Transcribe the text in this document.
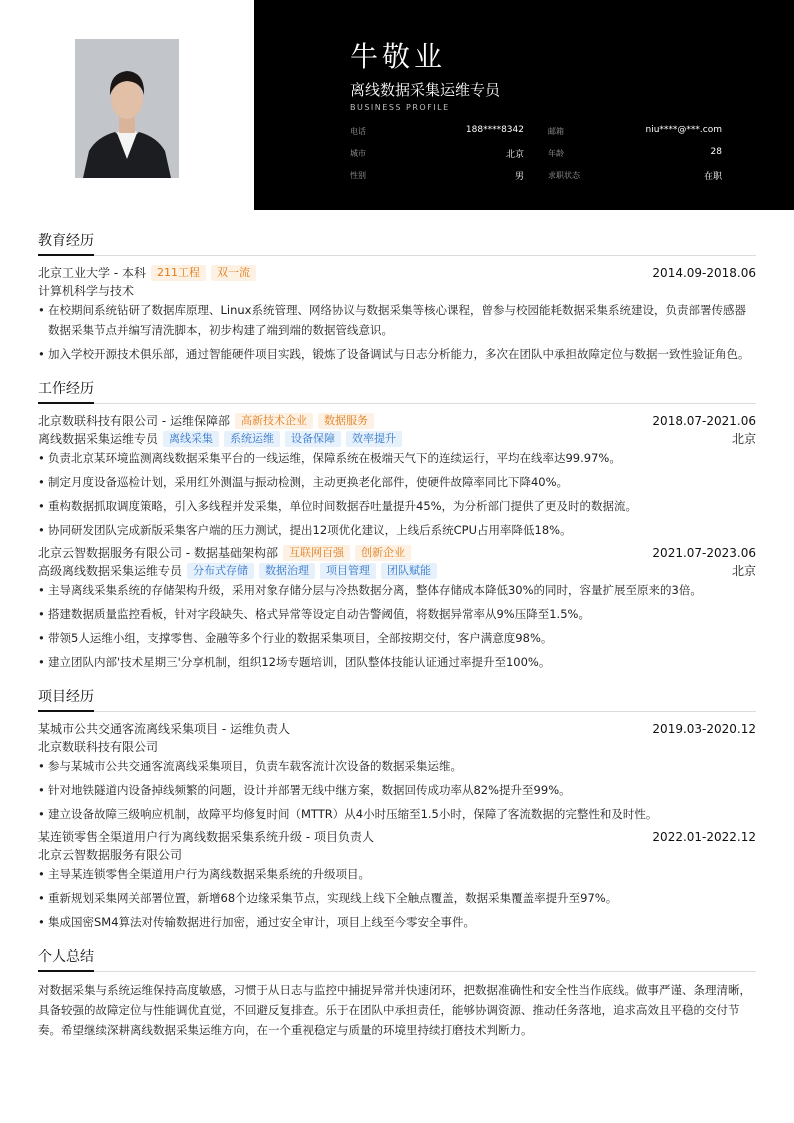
牛敬业
离线数据采集运维专员
BUSINESS PROFILE
电话	188****8342	邮箱	niu****@***.com
城市	北京	年龄	28
性别	男	求职状态	在职
教育经历
北京工业大学 - 本科	211工程	双一流	2014.09-2018.06
计算机科学与技术
• 在校期间系统钻研了数据库原理、Linux系统管理、网络协议与数据采集等核心课程，曾参与校园能耗数据采集系统建设，负责部署传感器数据采集节点并编写清洗脚本，初步构建了端到端的数据管线意识。
• 加入学校开源技术俱乐部，通过智能硬件项目实践，锻炼了设备调试与日志分析能力，多次在团队中承担故障定位与数据一致性验证角色。
工作经历
北京数联科技有限公司 - 运维保障部	高新技术企业	数据服务	2018.07-2021.06
离线数据采集运维专员	离线采集	系统运维	设备保障	效率提升	北京
• 负责北京某环境监测离线数据采集平台的一线运维，保障系统在极端天气下的连续运行，平均在线率达99.97%。
• 制定月度设备巡检计划，采用红外测温与振动检测，主动更换老化部件，使硬件故障率同比下降40%。
• 重构数据抓取调度策略，引入多线程并发采集，单位时间数据吞吐量提升45%，为分析部门提供了更及时的数据流。
• 协同研发团队完成新版采集客户端的压力测试，提出12项优化建议，上线后系统CPU占用率降低18%。
北京云智数据服务有限公司 - 数据基础架构部	互联网百强	创新企业	2021.07-2023.06
高级离线数据采集运维专员	分布式存储	数据治理	项目管理	团队赋能	北京
• 主导离线采集系统的存储架构升级，采用对象存储分层与冷热数据分离，整体存储成本降低30%的同时，容量扩展至原来的3倍。
• 搭建数据质量监控看板，针对字段缺失、格式异常等设定自动告警阈值，将数据异常率从9%压降至1.5%。
• 带领5人运维小组，支撑零售、金融等多个行业的数据采集项目，全部按期交付，客户满意度98%。
• 建立团队内部'技术星期三'分享机制，组织12场专题培训，团队整体技能认证通过率提升至100%。
项目经历
某城市公共交通客流离线采集项目 - 运维负责人	2019.03-2020.12
北京数联科技有限公司
• 参与某城市公共交通客流离线采集项目，负责车载客流计次设备的数据采集运维。
• 针对地铁隧道内设备掉线频繁的问题，设计并部署无线中继方案，数据回传成功率从82%提升至99%。
• 建立设备故障三级响应机制，故障平均修复时间（MTTR）从4小时压缩至1.5小时，保障了客流数据的完整性和及时性。
某连锁零售全渠道用户行为离线数据采集系统升级 - 项目负责人	2022.01-2022.12
北京云智数据服务有限公司
• 主导某连锁零售全渠道用户行为离线数据采集系统的升级项目。
• 重新规划采集网关部署位置，新增68个边缘采集节点，实现线上线下全触点覆盖，数据采集覆盖率提升至97%。
• 集成国密SM4算法对传输数据进行加密，通过安全审计，项目上线至今零安全事件。
个人总结
对数据采集与系统运维保持高度敏感，习惯于从日志与监控中捕捉异常并快速闭环，把数据准确性和安全性当作底线。做事严谨、条理清晰，具备较强的故障定位与性能调优直觉，不回避反复排查。乐于在团队中承担责任，能够协调资源、推动任务落地，追求高效且平稳的交付节奏。希望继续深耕离线数据采集运维方向，在一个重视稳定与质量的环境里持续打磨技术判断力。
